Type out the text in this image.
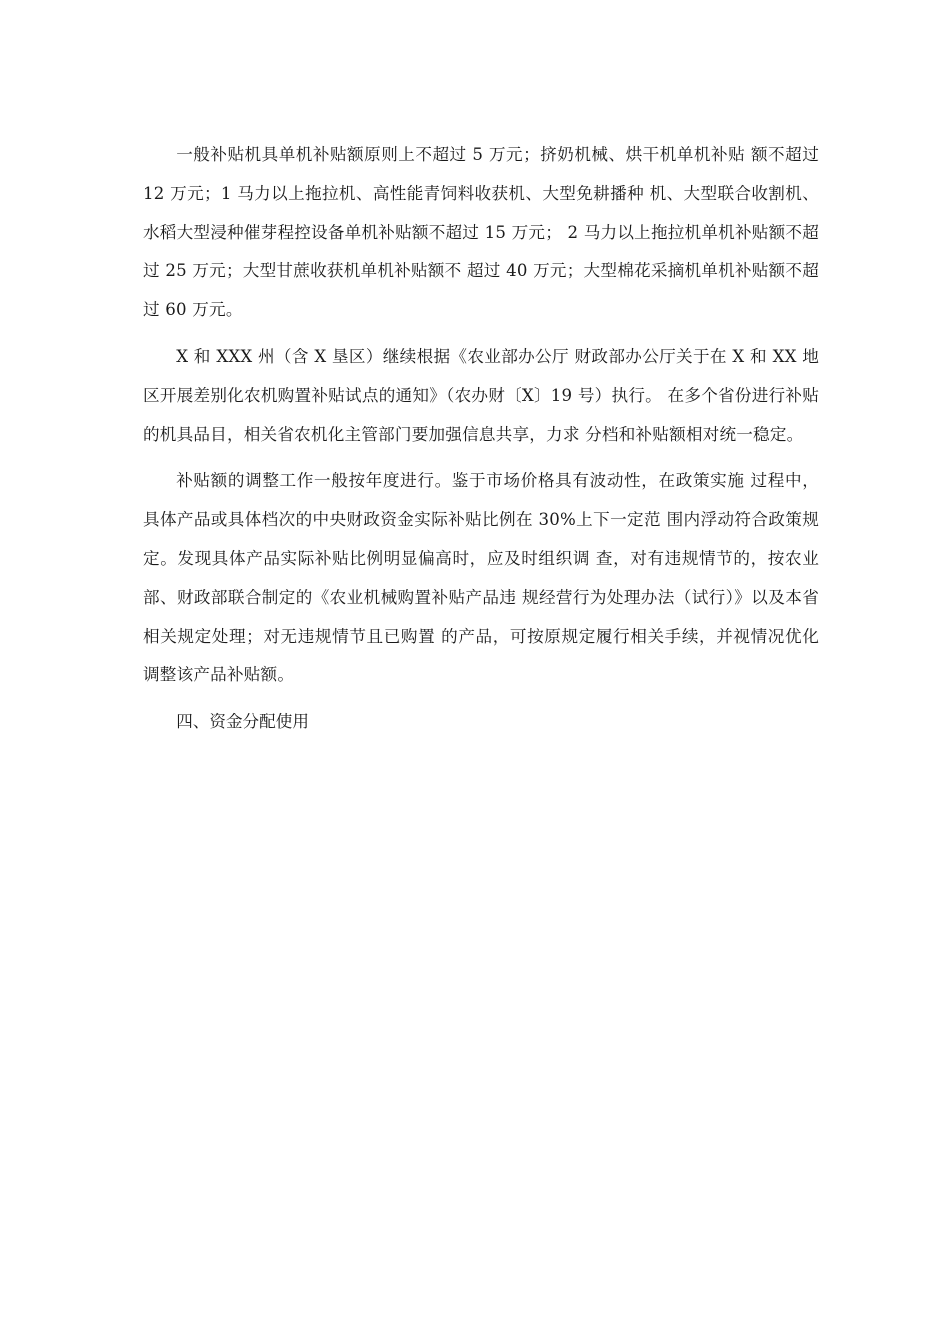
一般补贴机具单机补贴额原则上不超过 5 万元；挤奶机械、烘干机单机补贴 额不超过 12 万元；1 马力以上拖拉机、高性能青饲料收获机、大型免耕播种 机、大型联合收割机、水稻大型浸种催芽程控设备单机补贴额不超过 15 万元； 2 马力以上拖拉机单机补贴额不超过 25 万元；大型甘蔗收获机单机补贴额不 超过 40 万元；大型棉花采摘机单机补贴额不超过 60 万元。

X 和 XXX 州（含 X 垦区）继续根据《农业部办公厅 财政部办公厅关于在 X 和 XX 地区开展差别化农机购置补贴试点的通知》（农办财〔X〕19 号）执行。 在多个省份进行补贴的机具品目，相关省农机化主管部门要加强信息共享，力求 分档和补贴额相对统一稳定。

补贴额的调整工作一般按年度进行。鉴于市场价格具有波动性，在政策实施 过程中，具体产品或具体档次的中央财政资金实际补贴比例在 30%上下一定范 围内浮动符合政策规定。发现具体产品实际补贴比例明显偏高时，应及时组织调 查，对有违规情节的，按农业部、财政部联合制定的《农业机械购置补贴产品违 规经营行为处理办法（试行）》以及本省相关规定处理；对无违规情节且已购置 的产品，可按原规定履行相关手续，并视情况优化调整该产品补贴额。

四、资金分配使用
